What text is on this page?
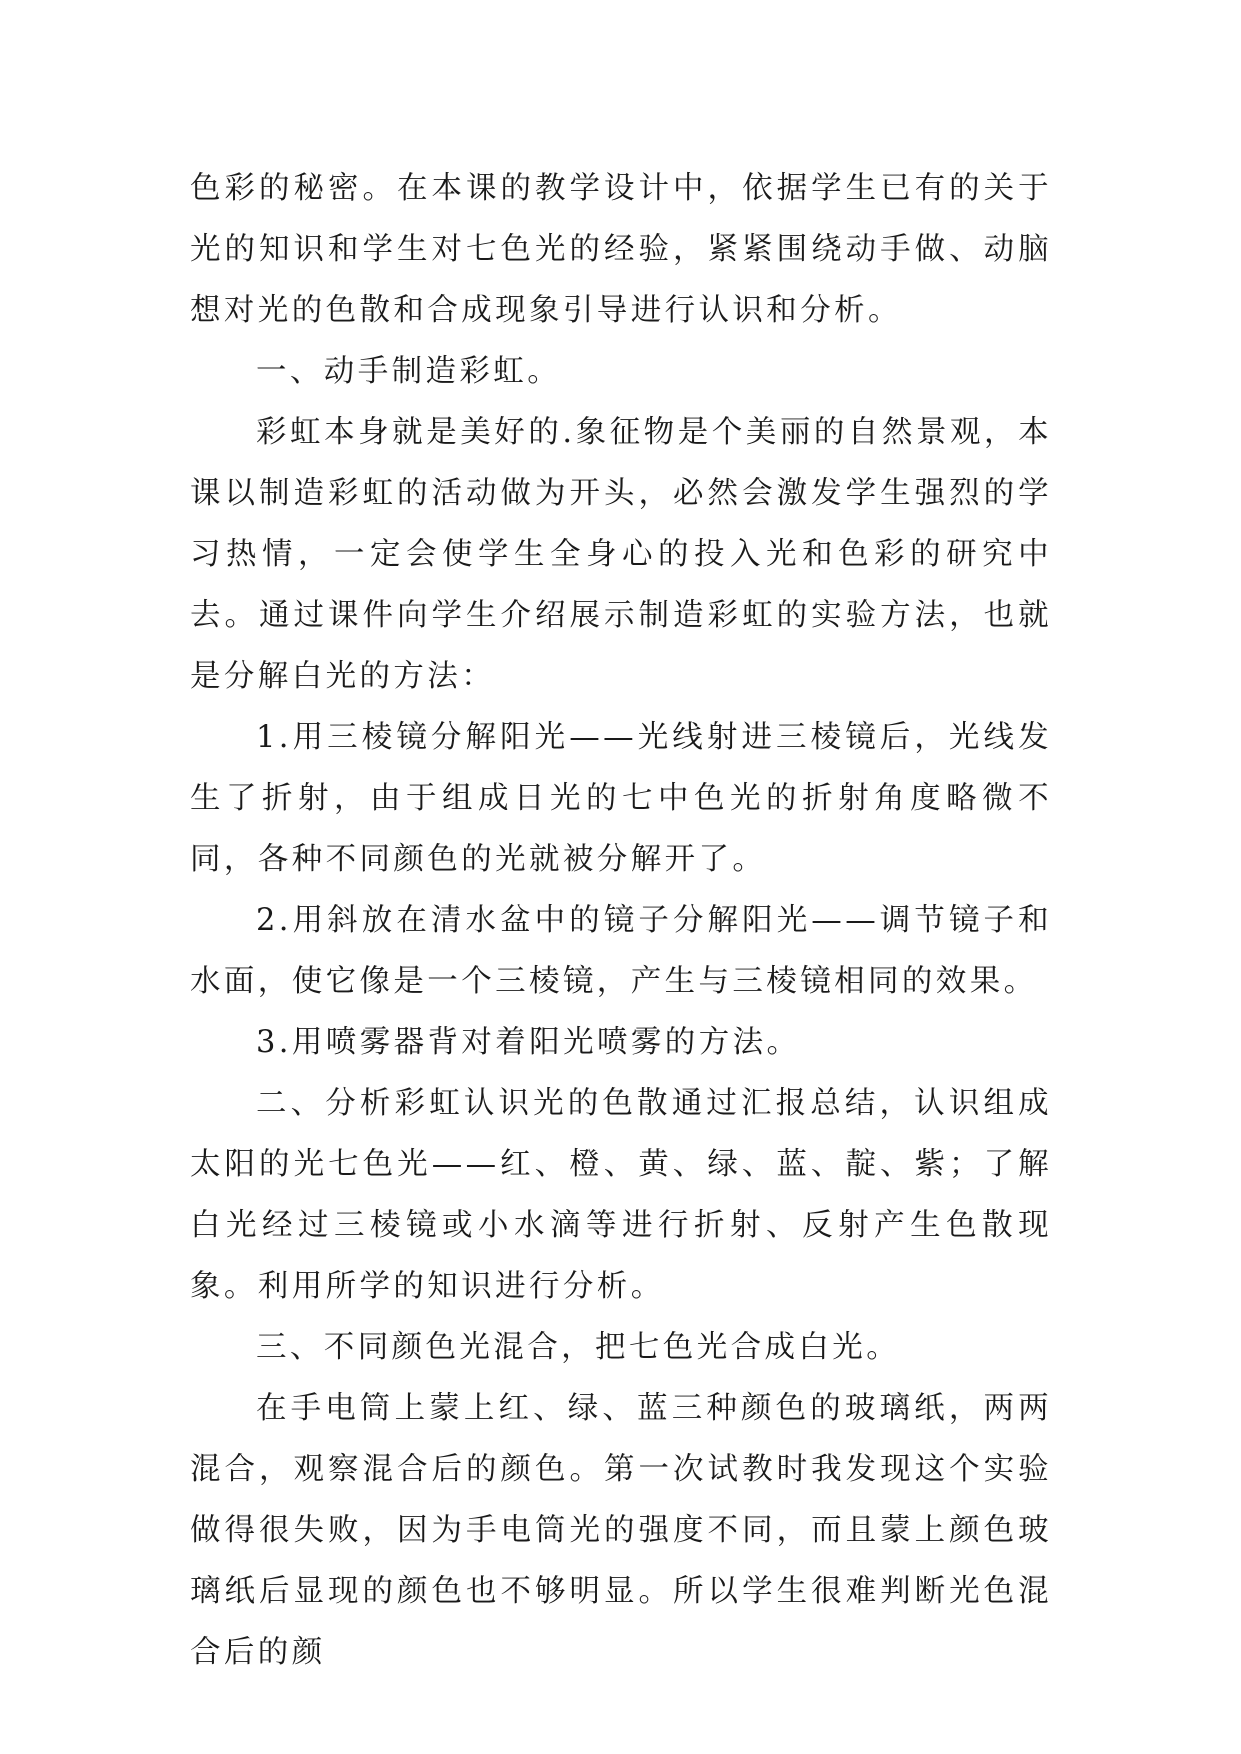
色彩的秘密。在本课的教学设计中，依据学生已有的关于光的知识和学生对七色光的经验，紧紧围绕动手做、动脑想对光的色散和合成现象引导进行认识和分析。

一、动手制造彩虹。

彩虹本身就是美好的.象征物是个美丽的自然景观，本课以制造彩虹的活动做为开头，必然会激发学生强烈的学习热情，一定会使学生全身心的投入光和色彩的研究中去。通过课件向学生介绍展示制造彩虹的实验方法，也就是分解白光的方法：

1.用三棱镜分解阳光——光线射进三棱镜后，光线发生了折射，由于组成日光的七中色光的折射角度略微不同，各种不同颜色的光就被分解开了。

2.用斜放在清水盆中的镜子分解阳光——调节镜子和水面，使它像是一个三棱镜，产生与三棱镜相同的效果。

3.用喷雾器背对着阳光喷雾的方法。

二、分析彩虹认识光的色散通过汇报总结，认识组成太阳的光七色光——红、橙、黄、绿、蓝、靛、紫；了解白光经过三棱镜或小水滴等进行折射、反射产生色散现象。利用所学的知识进行分析。

三、不同颜色光混合，把七色光合成白光。

在手电筒上蒙上红、绿、蓝三种颜色的玻璃纸，两两混合，观察混合后的颜色。第一次试教时我发现这个实验做得很失败，因为手电筒光的强度不同，而且蒙上颜色玻璃纸后显现的颜色也不够明显。所以学生很难判断光色混合后的颜
